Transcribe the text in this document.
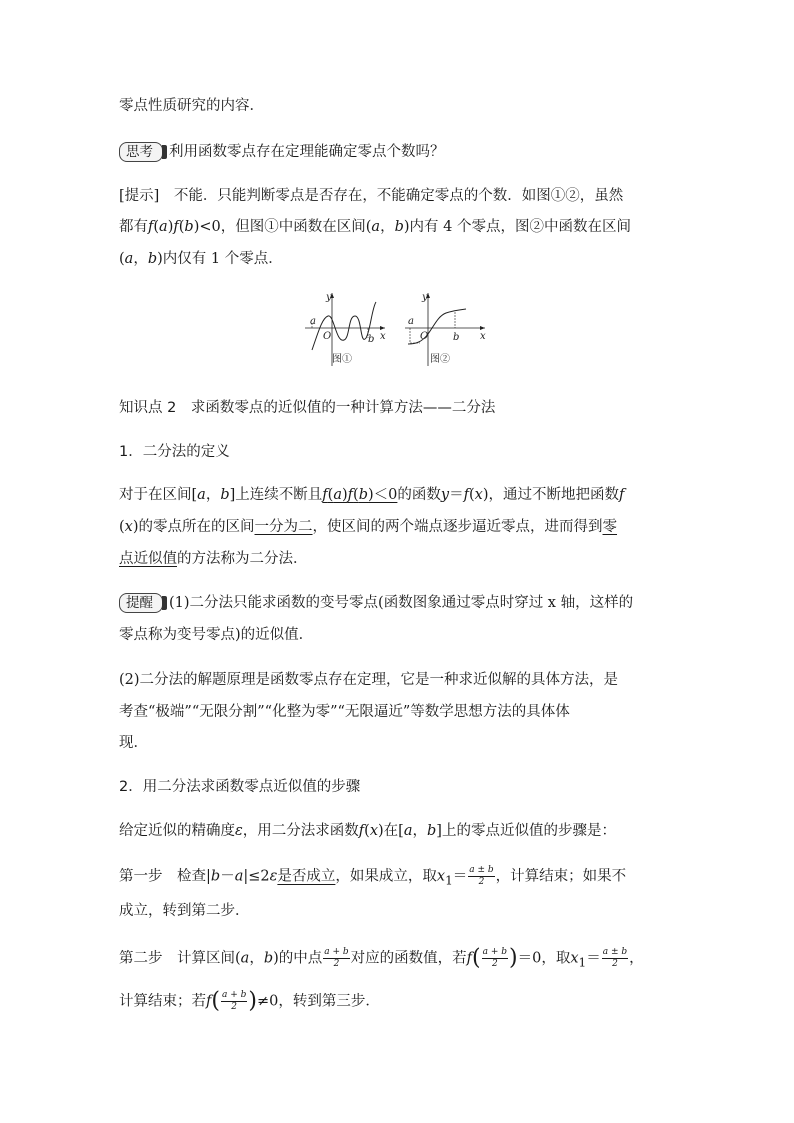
零点性质研究的内容．
思考 利用函数零点存在定理能确定零点个数吗？
[提示]　不能．只能判断零点是否存在，不能确定零点的个数．如图①②，虽然
都有f(a)f(b)<0，但图①中函数在区间(a，b)内有 4 个零点，图②中函数在区间
(a，b)内仅有 1 个零点．
y
a
O	b x
图①
y
a
O b x
图②
知识点 2　求函数零点的近似值的一种计算方法——二分法
1．二分法的定义
对于在区间[a，b]上连续不断且f(a)f(b)＜0的函数y＝f(x)，通过不断地把函数f
(x)的零点所在的区间一分为二，使区间的两个端点逐步逼近零点，进而得到零
点近似值的方法称为二分法．
提醒 (1)二分法只能求函数的变号零点(函数图象通过零点时穿过 x 轴，这样的
零点称为变号零点)的近似值．
(2)二分法的解题原理是函数零点存在定理，它是一种求近似解的具体方法，是
考查“极端”“无限分割”“化整为零”“无限逼近”等数学思想方法的具体体
现．
2．用二分法求函数零点近似值的步骤
给定近似的精确度ε，用二分法求函数f(x)在[a，b]上的零点近似值的步骤是：
第一步　检查|b－a|≤2ε是否成立，如果成立，取$x_1= \frac{a \pm b}{2}$ ，计算结束；如果不
成立，转到第二步．
第二步　计算区间(a，b)的中点 $\frac{a + b}{2}$ 对应的函数值，若$f( \frac{a + b}{2} )=0$，取$x_1= \frac{a \pm b}{2}$ ，
计算结束；若$f( \frac{a + b}{2} )\ne 0$，转到第三步．
